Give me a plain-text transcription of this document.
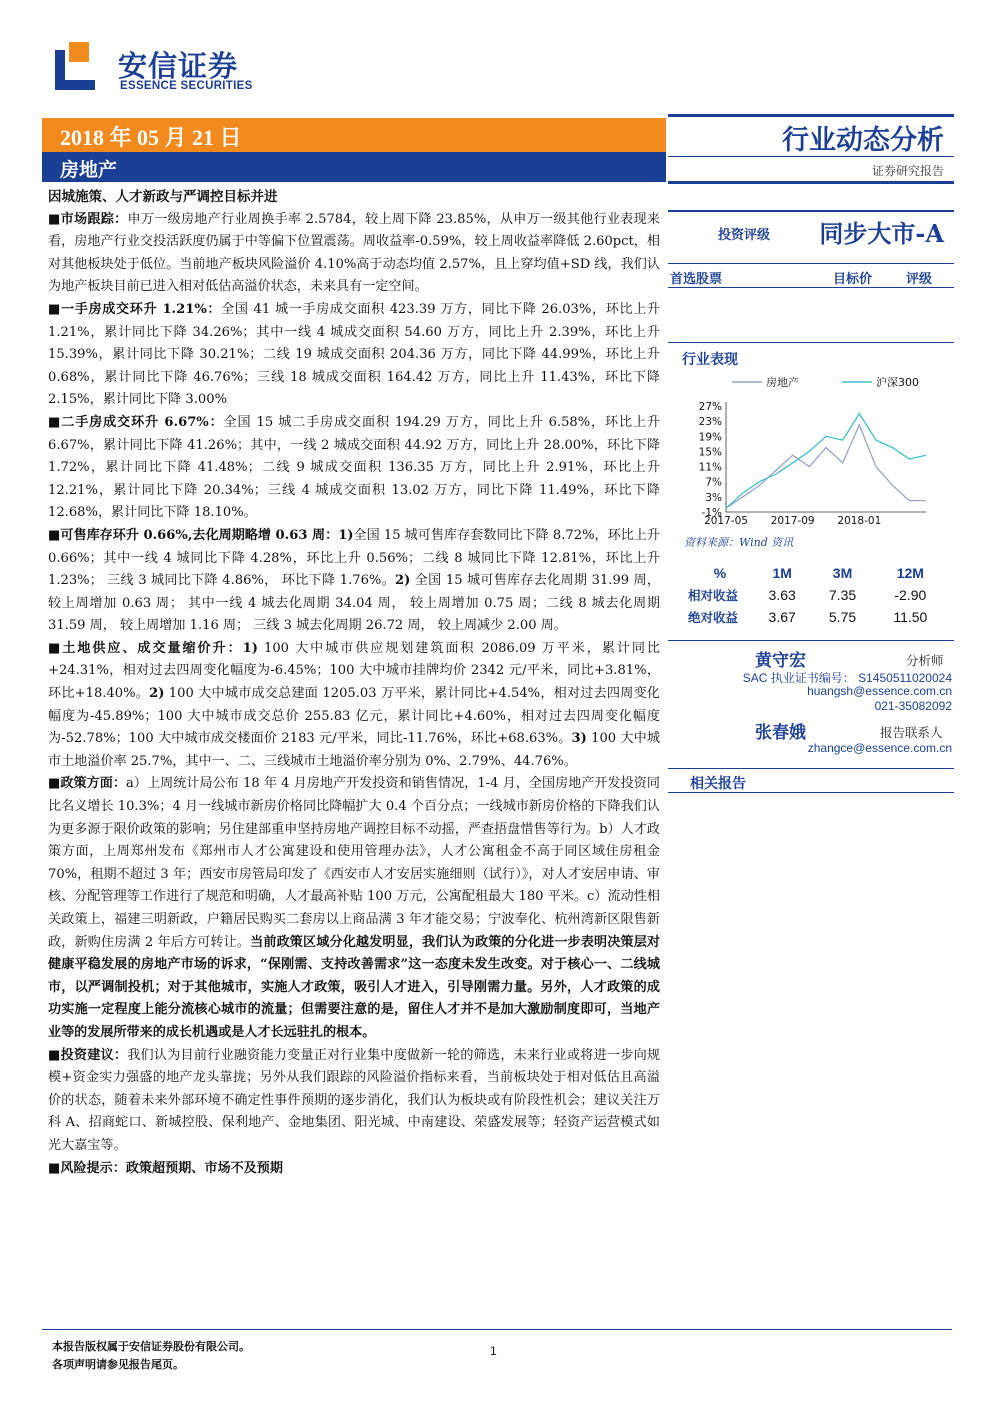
安信证券
ESSENCE SECURITIES
2018 年 05 月 21 日
房地产
行业动态分析
证券研究报告

因城施策、人才新政与严调控目标并进

■市场跟踪：申万一级房地产行业周换手率 2.5784，较上周下降 23.85%，从申万一级其他行业表现来看，房地产行业交投活跃度仍属于中等偏下位置震荡。周收益率-0.59%，较上周收益率降低 2.60pct，相对其他板块处于低位。当前地产板块风险溢价 4.10%高于动态均值 2.57%，且上穿均值+SD 线，我们认为地产板块目前已进入相对低估高溢价状态，未来具有一定空间。

■一手房成交环升 1.21%：全国 41 城一手房成交面积 423.39 万方，同比下降 26.03%，环比上升 1.21%，累计同比下降 34.26%；其中一线 4 城成交面积 54.60 万方，同比上升 2.39%，环比上升 15.39%，累计同比下降 30.21%；二线 19 城成交面积 204.36 万方，同比下降 44.99%，环比上升 0.68%，累计同比下降 46.76%；三线 18 城成交面积 164.42 万方，同比上升 11.43%，环比下降 2.15%，累计同比下降 3.00%

■二手房成交环升 6.67%：全国 15 城二手房成交面积 194.29 万方，同比上升 6.58%，环比上升 6.67%，累计同比下降 41.26%；其中，一线 2 城成交面积 44.92 万方，同比上升 28.00%，环比下降 1.72%，累计同比下降 41.48%；二线 9 城成交面积 136.35 万方，同比上升 2.91%，环比上升 12.21%，累计同比下降 20.34%；三线 4 城成交面积 13.02 万方，同比下降 11.49%，环比下降 12.68%，累计同比下降 18.10%。

■可售库存环升 0.66%,去化周期略增 0.63 周：1)全国 15 城可售库存套数同比下降 8.72%，环比上升 0.66%；其中一线 4 城同比下降 4.28%，环比上升 0.56%；二线 8 城同比下降 12.81%，环比上升 1.23%； 三线 3 城同比下降 4.86%， 环比下降 1.76%。2) 全国 15 城可售库存去化周期 31.99 周， 较上周增加 0.63 周； 其中一线 4 城去化周期 34.04 周， 较上周增加 0.75 周；二线 8 城去化周期 31.59 周， 较上周增加 1.16 周； 三线 3 城去化周期 26.72 周， 较上周减少 2.00 周。

■土地供应、成交量缩价升：1) 100 大中城市供应规划建筑面积 2086.09 万平米，累计同比+24.31%，相对过去四周变化幅度为-6.45%；100 大中城市挂牌均价 2342 元/平米，同比+3.81%，环比+18.40%。2) 100 大中城市成交总建面 1205.03 万平米，累计同比+4.54%，相对过去四周变化幅度为-45.89%；100 大中城市成交总价 255.83 亿元，累计同比+4.60%，相对过去四周变化幅度为-52.78%；100 大中城市成交楼面价 2183 元/平米，同比-11.76%，环比+68.63%。3) 100 大中城市土地溢价率 25.7%，其中一、二、三线城市土地溢价率分别为 0%、2.79%、44.76%。

■政策方面：a）上周统计局公布 18 年 4 月房地产开发投资和销售情况，1-4 月，全国房地产开发投资同比名义增长 10.3%；4 月一线城市新房价格同比降幅扩大 0.4 个百分点；一线城市新房价格的下降我们认为更多源于限价政策的影响；另住建部重申坚持房地产调控目标不动摇，严查捂盘惜售等行为。b）人才政策方面，上周郑州发布《郑州市人才公寓建设和使用管理办法》，人才公寓租金不高于同区域住房租金 70%，租期不超过 3 年；西安市房管局印发了《西安市人才安居实施细则（试行）》，对人才安居申请、审核、分配管理等工作进行了规范和明确，人才最高补贴 100 万元，公寓配租最大 180 平米。c）流动性相关政策上，福建三明新政，户籍居民购买二套房以上商品满 3 年才能交易；宁波奉化、杭州湾新区限售新政，新购住房满 2 年后方可转让。当前政策区域分化越发明显，我们认为政策的分化进一步表明决策层对健康平稳发展的房地产市场的诉求，“保刚需、支持改善需求”这一态度未发生改变。对于核心一、二线城市，以严调制投机；对于其他城市，实施人才政策，吸引人才进入，引导刚需力量。另外，人才政策的成功实施一定程度上能分流核心城市的流量；但需要注意的是，留住人才并不是加大激励制度即可，当地产业等的发展所带来的成长机遇或是人才长远驻扎的根本。

■投资建议：我们认为目前行业融资能力变量正对行业集中度做新一轮的筛选，未来行业或将进一步向规模+资金实力强盛的地产龙头靠拢；另外从我们跟踪的风险溢价指标来看，当前板块处于相对低估且高溢价的状态，随着未来外部环境不确定性事件预期的逐步消化，我们认为板块或有阶段性机会；建议关注万科 A、招商蛇口、新城控股、保利地产、金地集团、阳光城、中南建设、荣盛发展等；轻资产运营模式如光大嘉宝等。

■风险提示：政策超预期、市场不及预期

投资评级	同步大市-A
首选股票	目标价	评级
行业表现
房地产	沪深300
27%
23%
19%
15%
11%
7%
3%
-1%
2017-05 2017-09 2018-01
资料来源：Wind 资讯
%	1M	3M	12M
相对收益	3.63	7.35	-2.90
绝对收益	3.67	5.75	11.50
黄守宏	分析师
SAC 执业证书编号： S1450511020024
huangsh@essence.com.cn
021-35082092
张春娥	报告联系人
zhangce@essence.com.cn
相关报告
本报告版权属于安信证券股份有限公司。
各项声明请参见报告尾页。
1
